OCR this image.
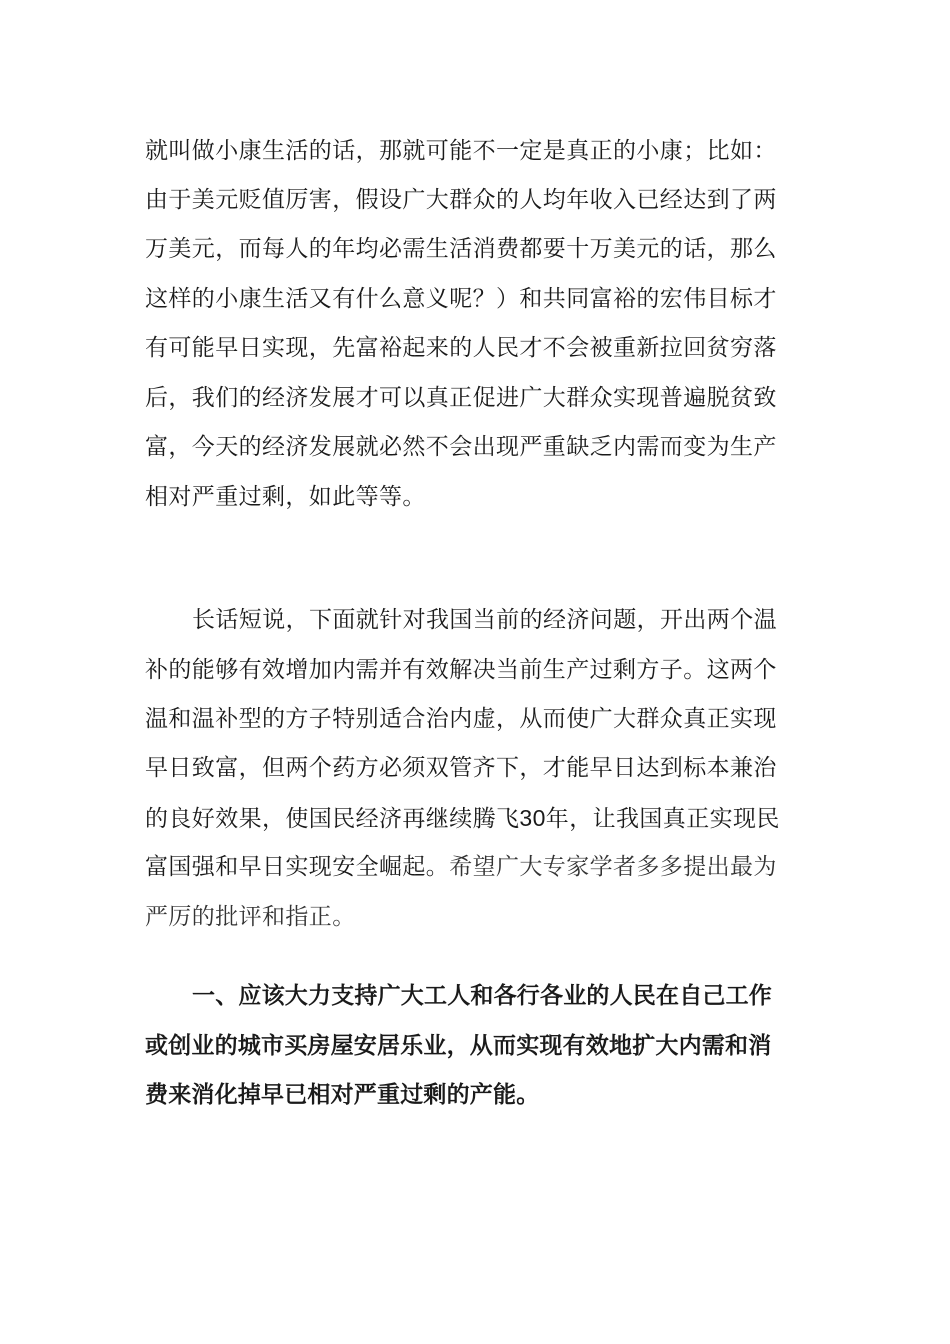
就叫做小康生活的话，那就可能不一定是真正的小康；比如：
由于美元贬值厉害，假设广大群众的人均年收入已经达到了两
万美元，而每人的年均必需生活消费都要十万美元的话，那么
这样的小康生活又有什么意义呢？）和共同富裕的宏伟目标才
有可能早日实现，先富裕起来的人民才不会被重新拉回贫穷落
后，我们的经济发展才可以真正促进广大群众实现普遍脱贫致
富，今天的经济发展就必然不会出现严重缺乏内需而变为生产
相对严重过剩，如此等等。
长话短说，下面就针对我国当前的经济问题，开出两个温
补的能够有效增加内需并有效解决当前生产过剩方子。这两个
温和温补型的方子特别适合治内虚，从而使广大群众真正实现
早日致富，但两个药方必须双管齐下，才能早日达到标本兼治
的良好效果，使国民经济再继续腾飞30年，让我国真正实现民
富国强和早日实现安全崛起。希望广大专家学者多多提出最为
严厉的批评和指正。
一、应该大力支持广大工人和各行各业的人民在自己工作
或创业的城市买房屋安居乐业，从而实现有效地扩大内需和消
费来消化掉早已相对严重过剩的产能。
